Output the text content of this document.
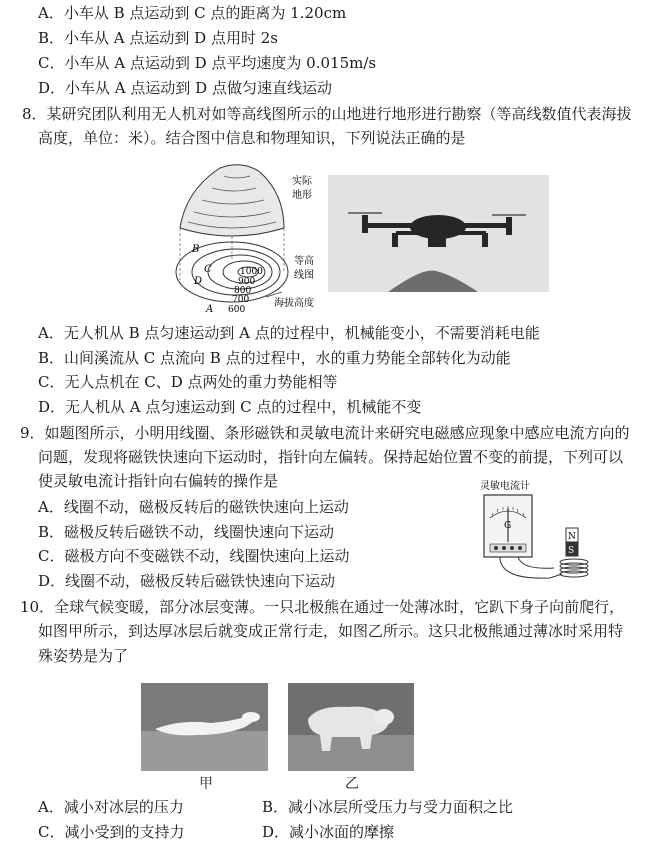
A．小车从 B 点运动到 C 点的距离为 1.20cm
B．小车从 A 点运动到 D 点用时 2s
C．小车从 A 点运动到 D 点平均速度为 0.015m/s
D．小车从 A 点运动到 D 点做匀速直线运动
8．某研究团队利用无人机对如等高线图所示的山地进行地形进行勘察（等高线数值代表海拔
高度，单位：米）。结合图中信息和物理知识，下列说法正确的是
1000
900
800
700
600
B
C
D
A
实际
地形
等高
线图
海拔高度
A．无人机从 B 点匀速运动到 A 点的过程中，机械能变小，不需要消耗电能
B．山间溪流从 C 点流向 B 点的过程中，水的重力势能全部转化为动能
C．无人点机在 C、D 点两处的重力势能相等
D．无人机从 A 点匀速运动到 C 点的过程中，机械能不变
9．如题图所示，小明用线圈、条形磁铁和灵敏电流计来研究电磁感应现象中感应电流方向的
问题，发现将磁铁快速向下运动时，指针向左偏转。保持起始位置不变的前提，下列可以
使灵敏电流计指针向右偏转的操作是
A．线圈不动，磁极反转后的磁铁快速向上运动
B．磁极反转后磁铁不动，线圈快速向下运动
C．磁极方向不变磁铁不动，线圈快速向上运动
D．线圈不动，磁极反转后磁铁快速向下运动
灵敏电流计
G
N
S
10．全球气候变暖，部分冰层变薄。一只北极熊在通过一处薄冰时，它趴下身子向前爬行，
如图甲所示，到达厚冰层后就变成正常行走，如图乙所示。这只北极熊通过薄冰时采用特
殊姿势是为了
甲	乙
A．减小对冰层的压力	B．减小冰层所受压力与受力面积之比
C．减小受到的支持力	D．减小冰面的摩擦
